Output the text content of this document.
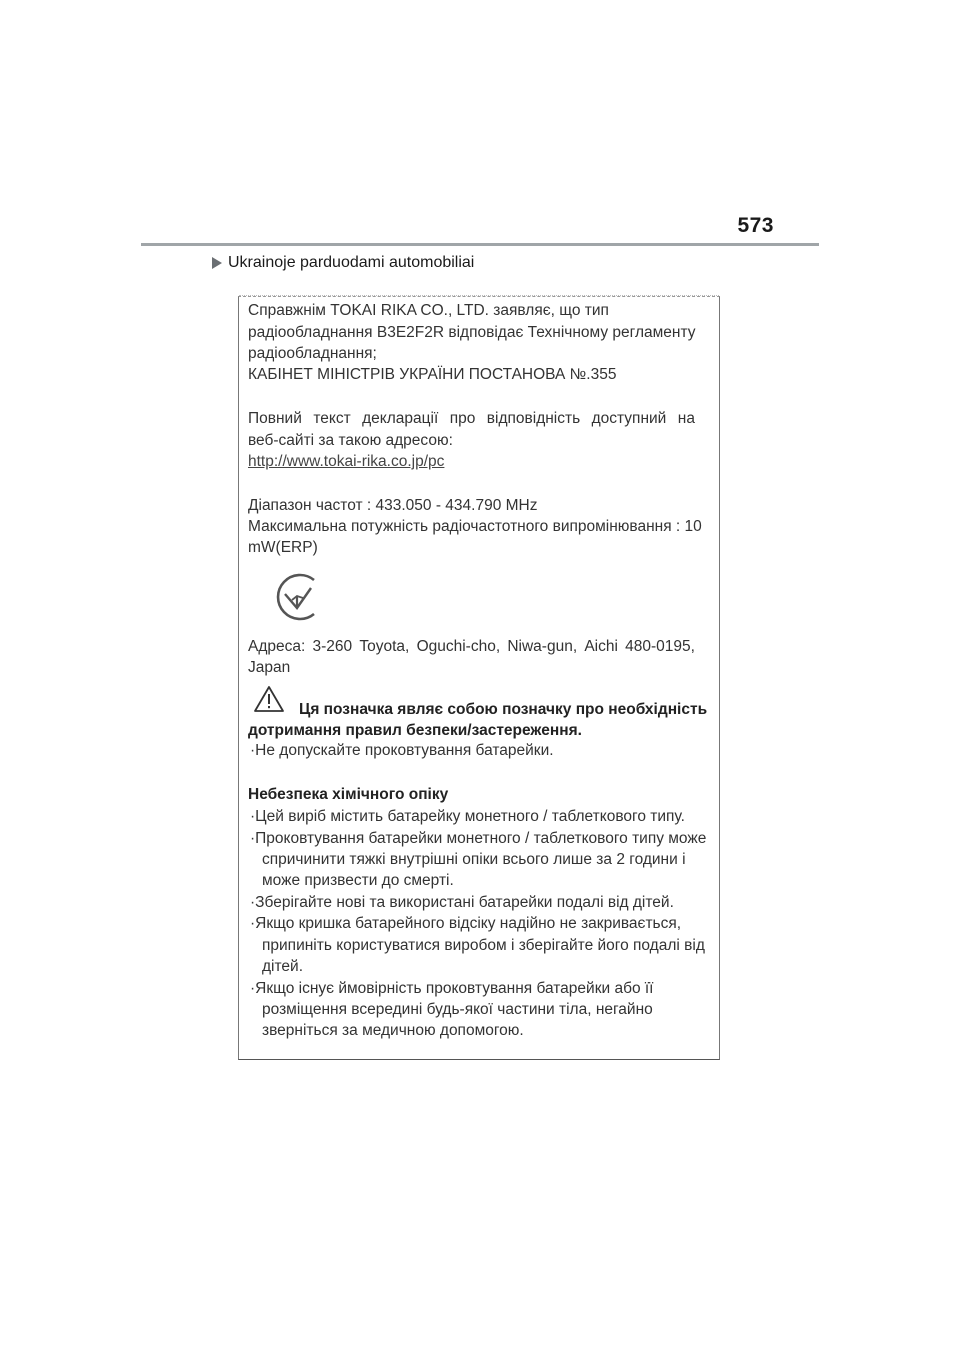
573
Ukrainoje parduodami automobiliai
Справжнім TOKAI RIKA CO., LTD. заявляє, що тип
радіообладнання B3E2F2R відповідає Технічному регламенту
радіообладнання;
КАБІНЕТ МІНІСТРІВ УКРАЇНИ ПОСТАНОВА №.355
Повний текст декларації про відповідність доступний на
веб-сайті за такою адресою:
http://www.tokai-rika.co.jp/pc
Діапазон частот : 433.050 - 434.790 MHz
Максимальна потужність радіочастотного випромінювання : 10
mW(ERP)
Адреса: 3-260 Toyota, Oguchi-cho, Niwa-gun, Aichi 480-0195,
Japan
Ця позначка являє собою позначку про необхідність
дотримання правил безпеки/застереження.
·Не допускайте проковтування батарейки.
Небезпека хімічного опіку
·Цей виріб містить батарейку монетного / таблеткового типу.
·Проковтування батарейки монетного / таблеткового типу може
спричинити тяжкі внутрішні опіки всього лише за 2 години і
може призвести до смерті.
·Зберігайте нові та використані батарейки подалі від дітей.
·Якщо кришка батарейного відсіку надійно не закривається,
припиніть користуватися виробом і зберігайте його подалі від
дітей.
·Якщо існує ймовірність проковтування батарейки або її
розміщення всередині будь-якої частини тіла, негайно
зверніться за медичною допомогою.
